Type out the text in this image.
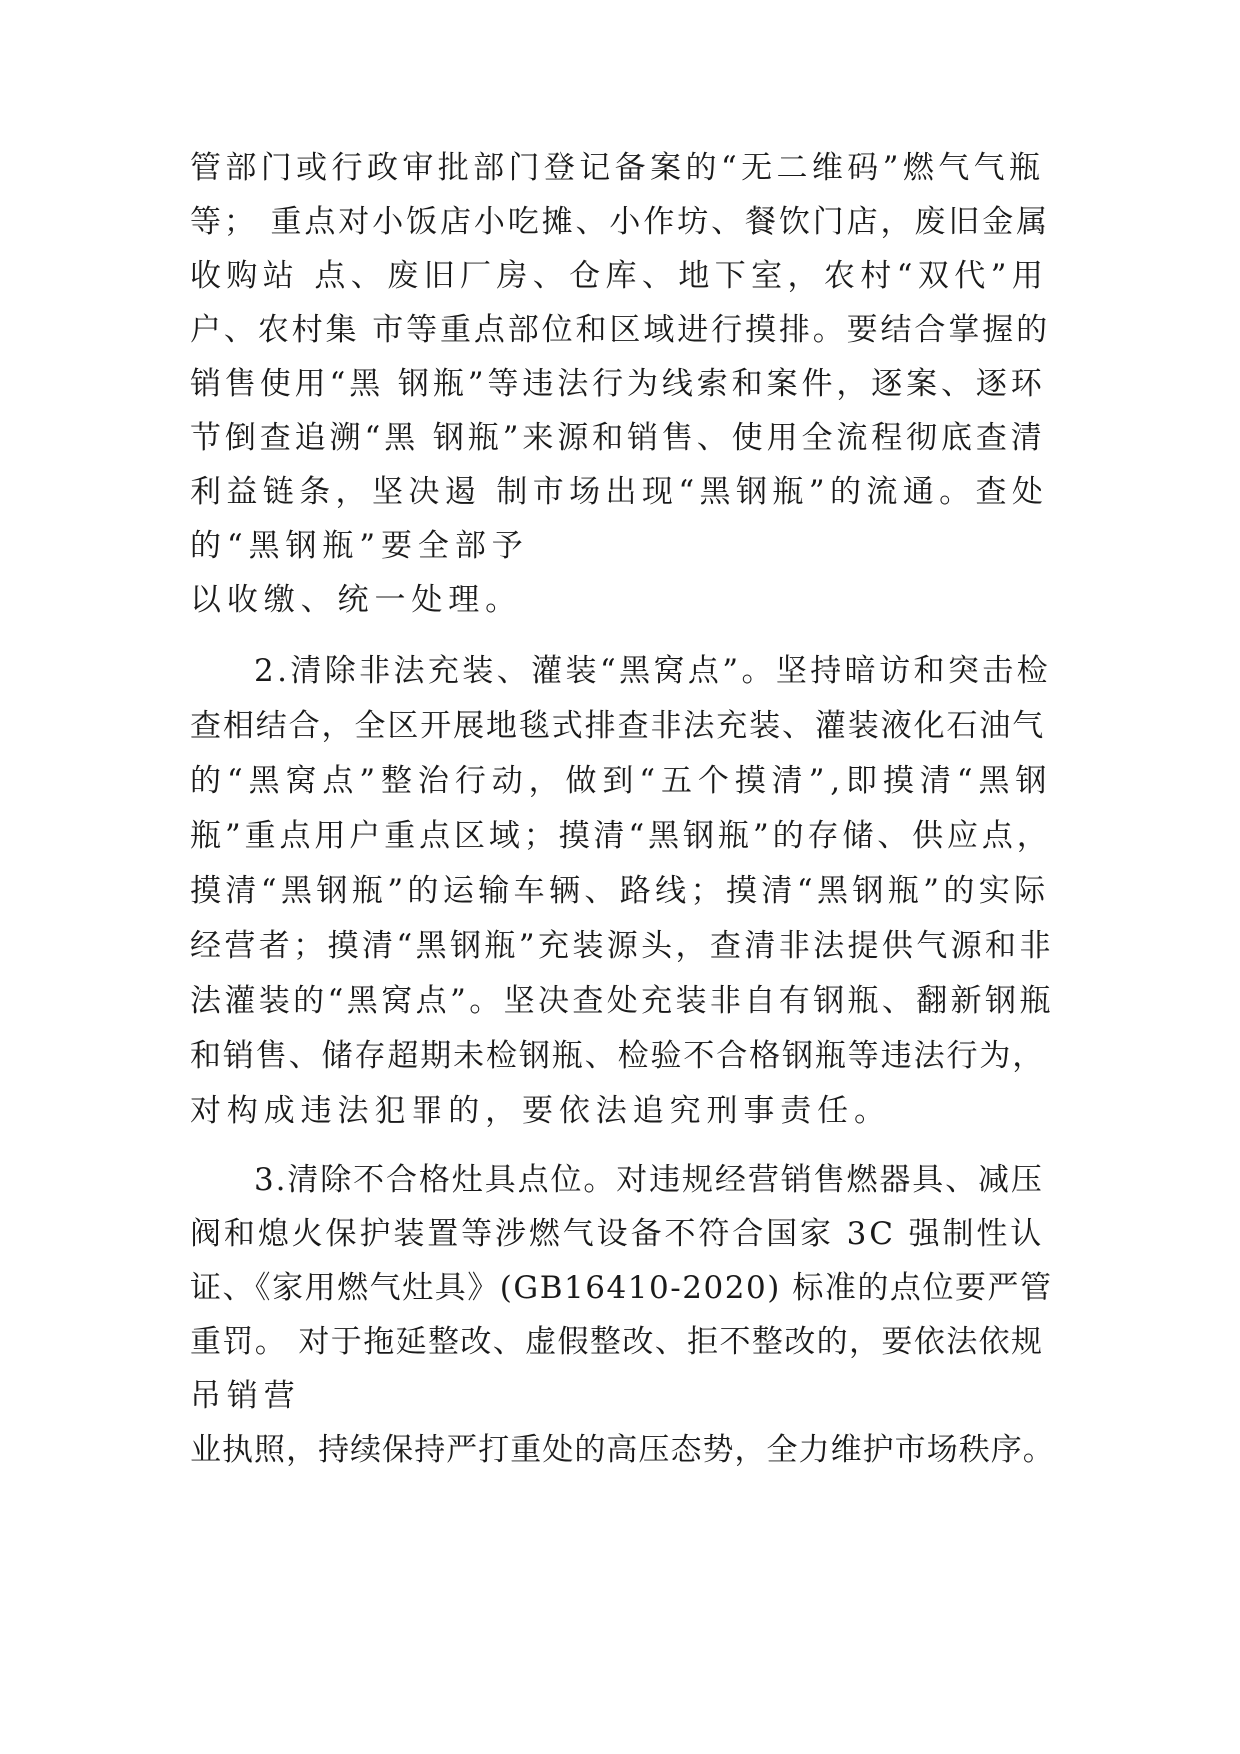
管部门或行政审批部门登记备案的“无二维码”燃气气瓶

等； 重点对小饭店小吃摊、小作坊、餐饮门店，废旧金属

收购站 点、废旧厂房、仓库、地下室，农村“双代”用

户、农村集 市等重点部位和区域进行摸排。要结合掌握的

销售使用“黑 钢瓶”等违法行为线索和案件，逐案、逐环

节倒查追溯“黑 钢瓶”来源和销售、使用全流程彻底查清

利益链条，坚决遏 制市场出现“黑钢瓶”的流通。查处

的“黑钢瓶”要全部予

以收缴、统一处理。

2.清除非法充装、灌装“黑窝点”。坚持暗访和突击检

查相结合，全区开展地毯式排查非法充装、灌装液化石油气

的“黑窝点”整治行动，做到“五个摸清”,即摸清“黑钢

瓶”重点用户重点区域；摸清“黑钢瓶”的存储、供应点，

摸清“黑钢瓶”的运输车辆、路线；摸清“黑钢瓶”的实际

经营者；摸清“黑钢瓶”充装源头，查清非法提供气源和非

法灌装的“黑窝点”。坚决查处充装非自有钢瓶、翻新钢瓶

和销售、储存超期未检钢瓶、检验不合格钢瓶等违法行为，

对构成违法犯罪的，要依法追究刑事责任。

3.清除不合格灶具点位。对违规经营销售燃器具、减压

阀和熄火保护装置等涉燃气设备不符合国家 3C 强制性认

证、《家用燃气灶具》(GB16410-2020) 标准的点位要严管

重罚。 对于拖延整改、虚假整改、拒不整改的，要依法依规

吊销营

业执照，持续保持严打重处的高压态势，全力维护市场秩序。
